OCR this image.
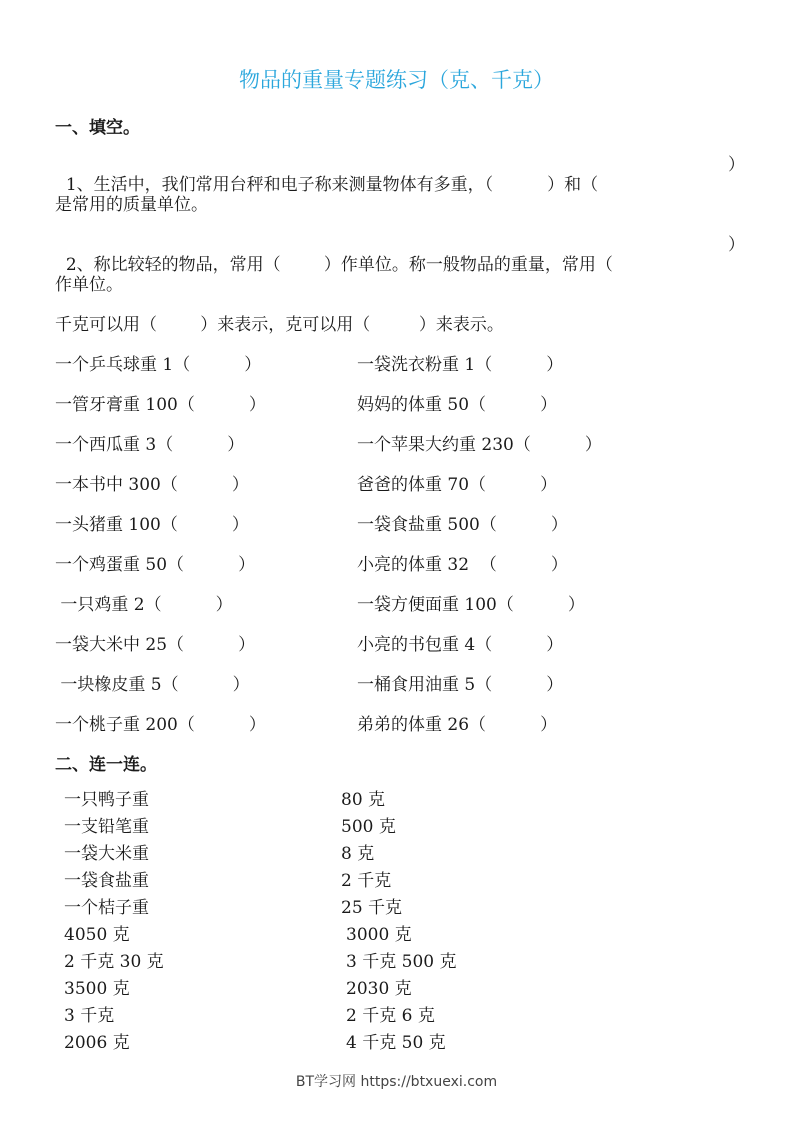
物品的重量专题练习（克、千克）
一、填空。

1、生活中，我们常用台秤和电子称来测量物体有多重，（          ）和（

）

是常用的质量单位。

2、称比较轻的物品，常用（        ）作单位。称一般物品的重量，常用（

）

作单位。
千克可以用（        ）来表示，克可以用（         ）来表示。
一个乒乓球重 1（          ）	一袋洗衣粉重 1（          ）
一管牙膏重 100（          ）	妈妈的体重 50（          ）
一个西瓜重 3（          ）	一个苹果大约重 230（          ）
一本书中 300（          ）	爸爸的体重 70（          ）
一头猪重 100（          ）	一袋食盐重 500（          ）
一个鸡蛋重 50（          ）	小亮的体重 32  （          ）
一只鸡重 2（          ）	一袋方便面重 100（          ）
一袋大米中 25（          ）	小亮的书包重 4（          ）
一块橡皮重 5（          ）	一桶食用油重 5（          ）
一个桃子重 200（          ）	弟弟的体重 26（          ）
二、连一连。
一只鸭子重	80 克
一支铅笔重	500 克
一袋大米重	8 克
一袋食盐重	2 千克
一个桔子重	25 千克
4050 克	3000 克
2 千克 30 克	3 千克 500 克
3500 克	2030 克
3 千克	2 千克 6 克
2006 克	4 千克 50 克
BT学习网 https://btxuexi.com
